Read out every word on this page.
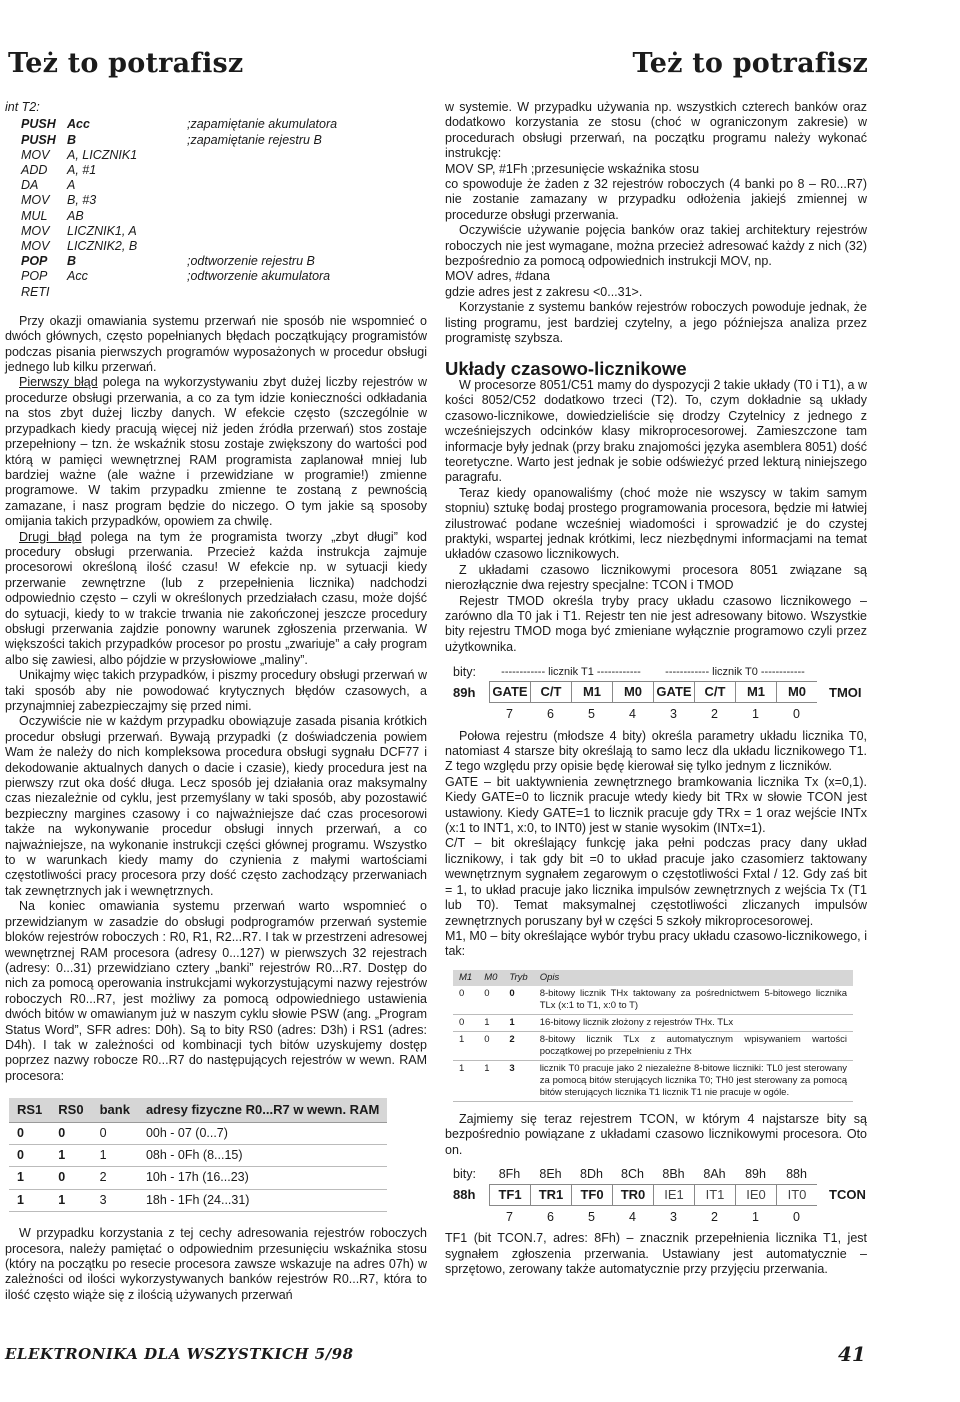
Też to potrafisz	Też to potrafisz
int T2:
PUSH Acc	;zapamiętanie akumulatora
PUSH B	;zapamiętanie rejestru B
MOV	A, LICZNIK1
ADD	A, #1
DA	A
MOV	B, #3
MUL	AB
MOV	LICZNIK1, A
MOV	LICZNIK2, B
POP	B	;odtworzenie rejestru B
POP	Acc	;odtworzenie akumulatora
RETI

Przy okazji omawiania systemu przerwań nie sposób nie wspomnieć o dwóch głównych, często popełnianych błędach początkujący programistów podczas pisania pierwszych programów wyposażonych w procedur obsługi jednego lub kilku przerwań.

Pierwszy błąd polega na wykorzystywaniu zbyt dużej liczby rejestrów w procedurze obsługi przerwania, a co za tym idzie konieczności odkładania na stos zbyt dużej liczby danych. W efekcie często (szczególnie w przypadkach kiedy pracują więcej niż jeden źródła przerwań) stos zostaje przepełniony – tzn. że wskaźnik stosu zostaje zwiększony do wartości pod którą w pamięci wewnętrznej RAM programista zaplanował mniej lub bardziej ważne (ale ważne i przewidziane w programie!) zmienne programowe. W takim przypadku zmienne te zostaną z pewnością zamazane, i nasz program będzie do niczego. O tym jakie są sposoby omijania takich przypadków, opowiem za chwilę.

Drugi błąd polega na tym że programista tworzy „zbyt długi” kod procedury obsługi przerwania. Przecież każda instrukcja zajmuje procesorowi określoną ilość czasu! W efekcie np. w sytuacji kiedy przerwanie zewnętrzne (lub z przepełnienia licznika) nadchodzi odpowiednio często – czyli w określonych przedziałach czasu, może dojść do sytuacji, kiedy to w trakcie trwania nie zakończonej jeszcze procedury obsługi przerwania zajdzie ponowny warunek zgłoszenia przerwania. W większości takich przypadków procesor po prostu „zwariuje” a cały program albo się zawiesi, albo pójdzie w przysłowiowe „maliny”.

Unikajmy więc takich przypadków, i piszmy procedury obsługi przerwań w taki sposób aby nie powodować krytycznych błędów czasowych, a przynajmniej zabezpieczajmy się przed nimi.

Oczywiście nie w każdym przypadku obowiązuje zasada pisania krótkich procedur obsługi przerwań. Bywają przypadki (z doświadczenia powiem Wam że należy do nich kompleksowa procedura obsługi sygnału DCF77 i dekodowanie aktualnych danych o dacie i czasie), kiedy procedura jest na pierwszy rzut oka dość długa. Lecz sposób jej działania oraz maksymalny czas niezależnie od cyklu, jest przemyślany w taki sposób, aby pozostawić bezpieczny margines czasowy i co najważniejsze dać czas procesorowi także na wykonywanie procedur obsługi innych przerwań, a co najważniejsze, na wykonanie instrukcji części głównej programu. Wszystko to w warunkach kiedy mamy do czynienia z małymi wartościami częstotliwości pracy procesora przy dość często zachodzący przerwaniach tak zewnętrznych jak i wewnętrznych.

Na koniec omawiania systemu przerwań warto wspomnieć o przewidzianym w zasadzie do obsługi podprogramów przerwań systemie bloków rejestrów roboczych : R0, R1, R2...R7. I tak w przestrzeni adresowej wewnętrznej RAM procesora (adresy 0...127) w pierwszych 32 rejestrach (adresy: 0...31) przewidziano cztery „banki” rejestrów R0...R7. Dostęp do nich za pomocą operowania instrukcjami wykorzystującymi nazwy rejestrów roboczych R0...R7, jest możliwy za pomocą odpowiedniego ustawienia dwóch bitów w omawianym już w naszym cyklu słowie PSW (ang. „Program Status Word”, SFR adres: D0h). Są to bity RS0 (adres: D3h) i RS1 (adres: D4h). I tak w zależności od kombinacji tych bitów uzyskujemy dostęp poprzez nazwy robocze R0...R7 do następujących rejestrów w wewn. RAM procesora:

RS1	RS0	bank	adresy fizyczne R0...R7 w wewn. RAM
0	0	0	00h - 07 (0...7)
0	1	1	08h - 0Fh (8...15)
1	0	2	10h - 17h (16...23)
1	1	3	18h - 1Fh (24...31)

W przypadku korzystania z tej cechy adresowania rejestrów roboczych procesora, należy pamiętać o odpowiednim przesunięciu wskaźnika stosu (który na początku po resecie procesora zawsze wskazuje na adres 07h) w zależności od ilości wykorzystywanych banków rejestrów R0...R7, która to ilość często wiąże się z ilością używanych przerwań

w systemie. W przypadku używania np. wszystkich czterech banków oraz dodatkowo korzystania ze stosu (choć w ograniczonym zakresie) w procedurach obsługi przerwań, na początku programu należy wykonać instrukcję:

MOV SP, #1Fh ;przesunięcie wskaźnika stosu

co spowoduje że żaden z 32 rejestrów roboczych (4 banki po 8 – R0...R7) nie zostanie zamazany w przypadku odłożenia jakiejś zmiennej w procedurze obsługi przerwania.

Oczywiście używanie pojęcia banków oraz takiej architektury rejestrów roboczych nie jest wymagane, można przecież adresować każdy z nich (32) bezpośrednio za pomocą odpowiednich instrukcji MOV, np.

MOV adres, #dana

gdzie adres jest z zakresu <0...31>.

Korzystanie z systemu banków rejestrów roboczych powoduje jednak, że listing programu, jest bardziej czytelny, a jego późniejsza analiza przez programistę szybsza.

Układy czasowo-licznikowe

W procesorze 8051/C51 mamy do dyspozycji 2 takie układy (T0 i T1), a w kości 8052/C52 dodatkowo trzeci (T2). To, czym dokładnie są układy czasowo-licznikowe, dowiedzieliście się drodzy Czytelnicy z jednego z wcześniejszych odcinków klasy mikroprocesorowej. Zamieszczone tam informacje były jednak (przy braku znajomości języka asemblera 8051) dość teoretyczne. Warto jest jednak je sobie odświeżyć przed lekturą niniejszego paragrafu.

Teraz kiedy opanowaliśmy (choć może nie wszyscy w takim samym stopniu) sztukę bodaj prostego programowania procesora, będzie mi łatwiej zilustrować podane wcześniej wiadomości i sprowadzić je do czystej praktyki, wspartej jednak krótkimi, lecz niezbędnymi informacjami na temat układów czasowo licznikowych.

Z układami czasowo licznikowymi procesora 8051 związane są nierozłącznie dwa rejestry specjalne: TCON i TMOD

Rejestr TMOD określa tryby pracy układu czasowo licznikowego – zarówno dla T0 jak i T1. Rejestr ten nie jest adresowany bitowo. Wszystkie bity rejestru TMOD moga być zmieniane wyłącznie programowo czyli przez użytkownika.

bity:	------------ licznik T1 ------------	------------ licznik T0 ------------
89h	GATE C/T	M1	M0	GATE C/T	M1	M0	TMOI
7	6	5	4	3	2	1	0

Połowa rejestru (młodsze 4 bity) określa parametry układu licznika T0, natomiast 4 starsze bity określają to samo lecz dla układu licznikowego T1. Z tego względu przy opisie będę kierował się tylko jednym z liczników.

GATE – bit uaktywnienia zewnętrznego bramkowania licznika Tx (x=0,1). Kiedy GATE=0 to licznik pracuje wtedy kiedy bit TRx w słowie TCON jest ustawiony. Kiedy GATE=1 to licznik pracuje gdy TRx = 1 oraz wejście INTx (x:1 to INT1, x:0, to INT0) jest w stanie wysokim (INTx=1).

C/T – bit określający funkcję jaka pełni podczas pracy dany układ licznikowy, i tak gdy bit =0 to układ pracuje jako czasomierz taktowany wewnętrznym sygnałem zegarowym o częstotliwości Fxtal / 12. Gdy zaś bit = 1, to układ pracuje jako licznika impulsów zewnętrznych z wejścia Tx (T1 lub T0). Temat maksymalnej częstotliwości zliczanych impulsów zewnętrznych poruszany był w części 5 szkoły mikroprocesorowej.

M1, M0 – bity określające wybór trybu pracy układu czasowo-licznikowego, i tak:

M1	M0	Tryb	Opis
0	0	0	8-bitowy licznik THx taktowany za pośrednictwem 5-bitowego licznika TLx (x:1 to T1, x:0 to T)
0	1	1	16-bitowy licznik złożony z rejestrów THx. TLx
1	0	2	8-bitowy licznik TLx z automatycznym wpisywaniem wartości początkowej po przepełnieniu z THx
1	1	3	licznik T0 pracuje jako 2 niezależne 8-bitowe liczniki: TL0 jest sterowany za pomocą bitów sterujących licznika T0; TH0 jest sterowany za pomocą bitów sterujących licznika T1 licznik T1 nie pracuje w ogóle.

Zajmiemy się teraz rejestrem TCON, w którym 4 najstarsze bity są bezpośrednio powiązane z układami czasowo licznikowymi procesora. Oto on.

bity:	8Fh	8Eh	8Dh	8Ch	8Bh	8Ah	89h	88h
88h	TF1	TR1	TF0	TR0	IE1	IT1	IE0	IT0	TCON
7	6	5	4	3	2	1	0

TF1 (bit TCON.7, adres: 8Fh) – znacznik przepełnienia licznika T1, jest sygnałem zgłoszenia przerwania. Ustawiany jest automatycznie – sprzętowo, zerowany także automatycznie przy przyjęciu przerwania.

ELEKTRONIKA DLA WSZYSTKICH 5/98	41
